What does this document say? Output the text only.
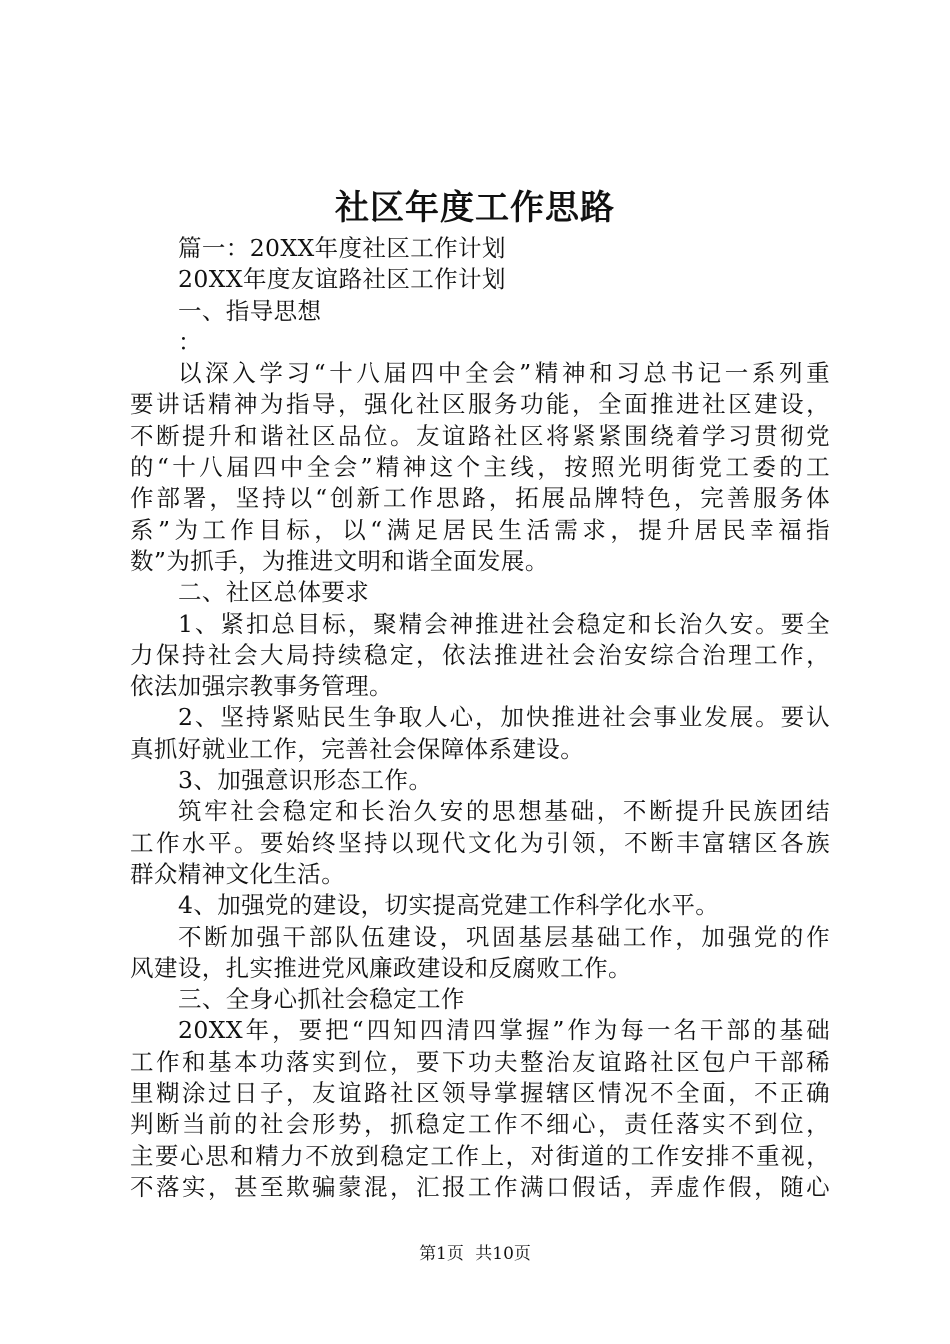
社区年度工作思路
篇一：20XX年度社区工作计划
20XX年度友谊路社区工作计划
一、指导思想
：
以深入学习“十八届四中全会”精神和习总书记一系列重
要讲话精神为指导，强化社区服务功能，全面推进社区建设，
不断提升和谐社区品位。友谊路社区将紧紧围绕着学习贯彻党
的“十八届四中全会”精神这个主线，按照光明街党工委的工
作部署，坚持以“创新工作思路，拓展品牌特色，完善服务体
系”为工作目标，以“满足居民生活需求，提升居民幸福指
数”为抓手，为推进文明和谐全面发展。
二、社区总体要求
1、紧扣总目标，聚精会神推进社会稳定和长治久安。要全
力保持社会大局持续稳定，依法推进社会治安综合治理工作，
依法加强宗教事务管理。
2、坚持紧贴民生争取人心，加快推进社会事业发展。要认
真抓好就业工作，完善社会保障体系建设。
3、加强意识形态工作。
筑牢社会稳定和长治久安的思想基础，不断提升民族团结
工作水平。要始终坚持以现代文化为引领，不断丰富辖区各族
群众精神文化生活。
4、加强党的建设，切实提高党建工作科学化水平。
不断加强干部队伍建设，巩固基层基础工作，加强党的作
风建设，扎实推进党风廉政建设和反腐败工作。
三、全身心抓社会稳定工作
20XX年，要把“四知四清四掌握”作为每一名干部的基础
工作和基本功落实到位，要下功夫整治友谊路社区包户干部稀
里糊涂过日子，友谊路社区领导掌握辖区情况不全面，不正确
判断当前的社会形势，抓稳定工作不细心，责任落实不到位，
主要心思和精力不放到稳定工作上，对街道的工作安排不重视，
不落实，甚至欺骗蒙混，汇报工作满口假话，弄虚作假，随心
第1页 共10页
